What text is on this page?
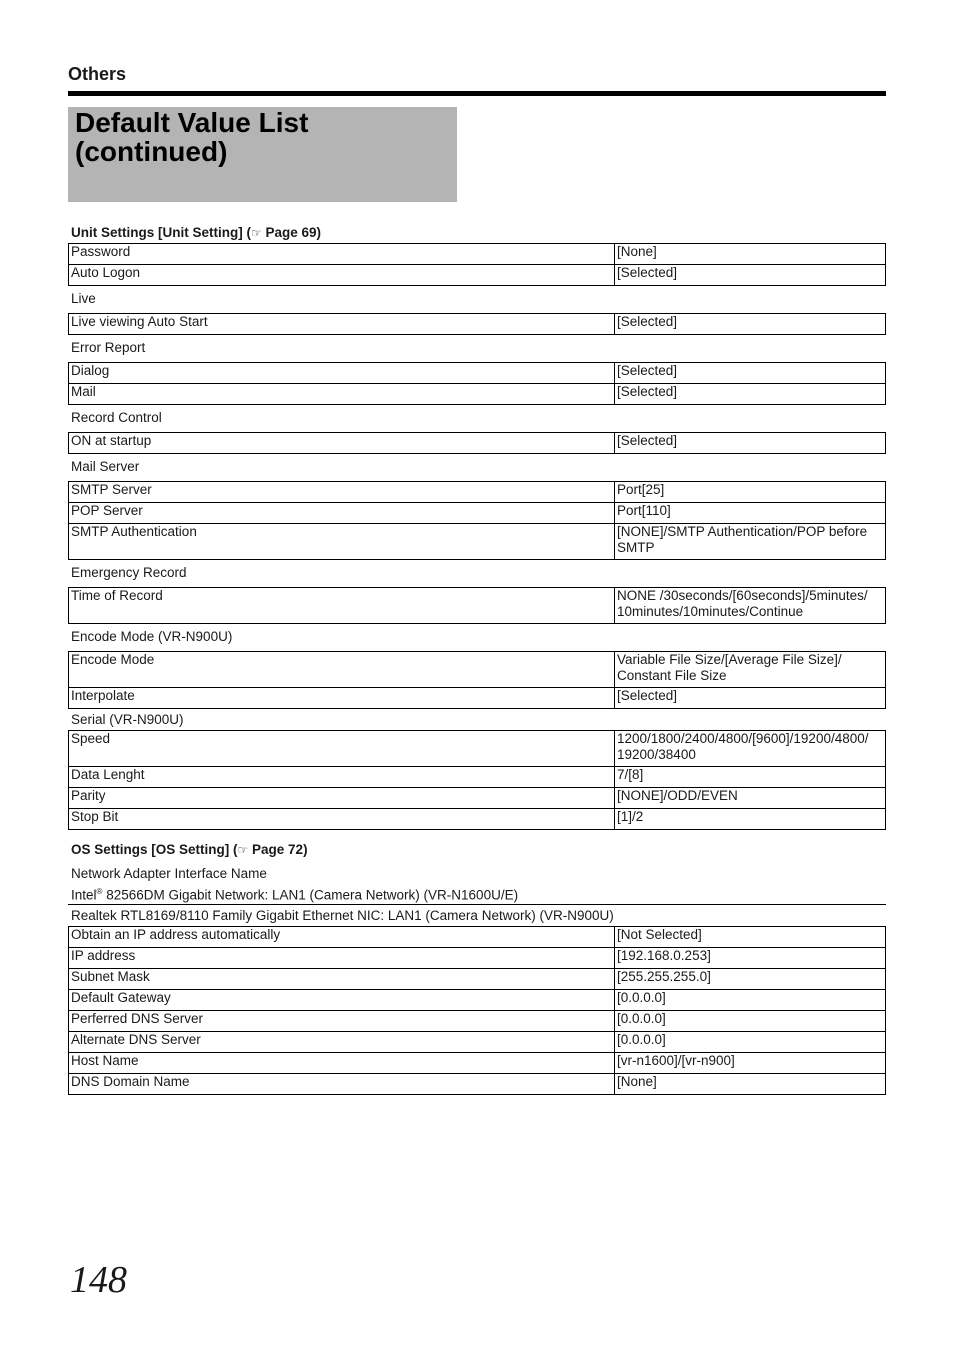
Others
Default Value List
(continued)
Unit Settings [Unit Setting] (☞ Page 69)
Password	[None]
Auto Logon	[Selected]
Live
Live viewing Auto Start	[Selected]
Error Report
Dialog	[Selected]
Mail	[Selected]
Record Control
ON at startup	[Selected]
Mail Server
SMTP Server	Port[25]
POP Server	Port[110]
SMTP Authentication	[NONE]/SMTP Authentication/POP before SMTP
Emergency Record
Time of Record	NONE /30seconds/[60seconds]/5minutes/ 10minutes/10minutes/Continue
Encode Mode (VR-N900U)
Encode Mode	Variable File Size/[Average File Size]/ Constant File Size
Interpolate	[Selected]
Serial (VR-N900U)
Speed	1200/1800/2400/4800/[9600]/19200/4800/ 19200/38400
Data Lenght	7/[8]
Parity	[NONE]/ODD/EVEN
Stop Bit	[1]/2
OS Settings [OS Setting] (☞ Page 72)
Network Adapter Interface Name
Intel® 82566DM Gigabit Network: LAN1 (Camera Network) (VR-N1600U/E)
Realtek RTL8169/8110 Family Gigabit Ethernet NIC: LAN1 (Camera Network) (VR-N900U)
Obtain an IP address automatically	[Not Selected]
IP address	[192.168.0.253]
Subnet Mask	[255.255.255.0]
Default Gateway	[0.0.0.0]
Perferred DNS Server	[0.0.0.0]
Alternate DNS Server	[0.0.0.0]
Host Name	[vr-n1600]/[vr-n900]
DNS Domain Name	[None]
148
